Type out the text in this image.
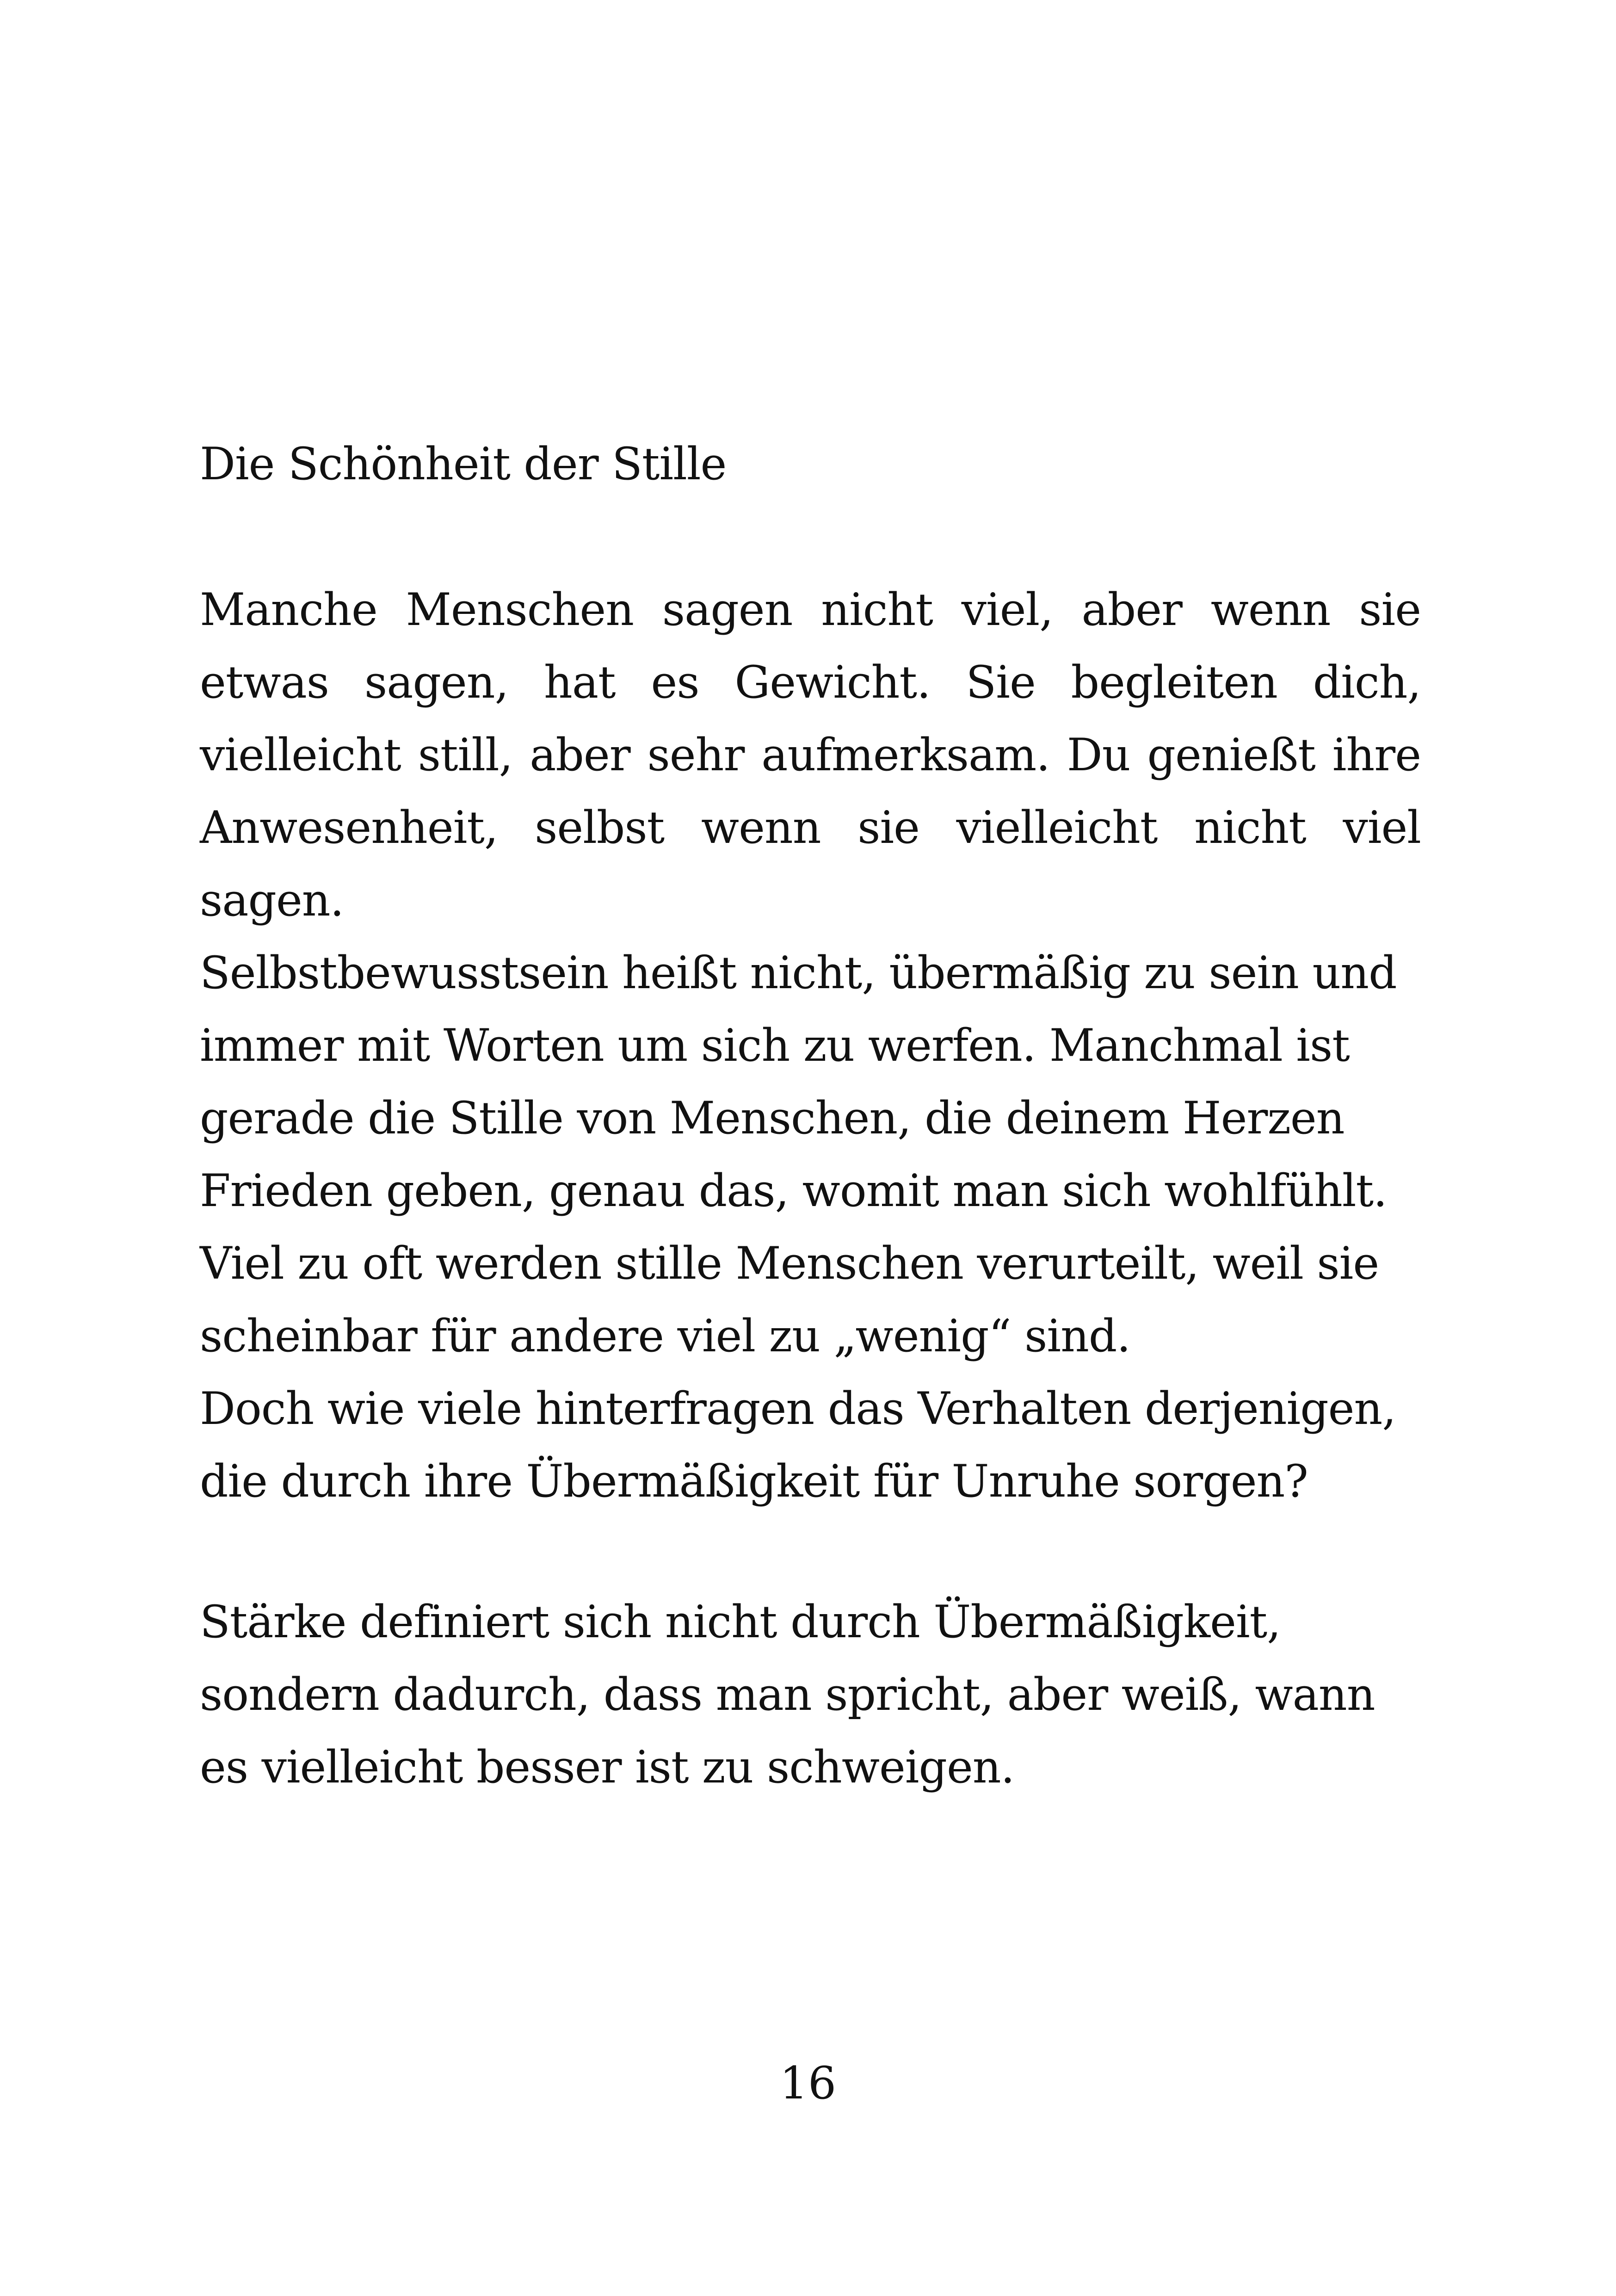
Die Schönheit der Stille
Manche Menschen sagen nicht viel, aber wenn sie
etwas sagen, hat es Gewicht. Sie begleiten dich,
vielleicht still, aber sehr aufmerksam. Du genießt ihre
Anwesenheit, selbst wenn sie vielleicht nicht viel
sagen.
Selbstbewusstsein heißt nicht, übermäßig zu sein und
immer mit Worten um sich zu werfen. Manchmal ist
gerade die Stille von Menschen, die deinem Herzen
Frieden geben, genau das, womit man sich wohlfühlt.
Viel zu oft werden stille Menschen verurteilt, weil sie
scheinbar für andere viel zu „wenig“ sind.
Doch wie viele hinterfragen das Verhalten derjenigen,
die durch ihre Übermäßigkeit für Unruhe sorgen?
Stärke definiert sich nicht durch Übermäßigkeit,
sondern dadurch, dass man spricht, aber weiß, wann
es vielleicht besser ist zu schweigen.
16
